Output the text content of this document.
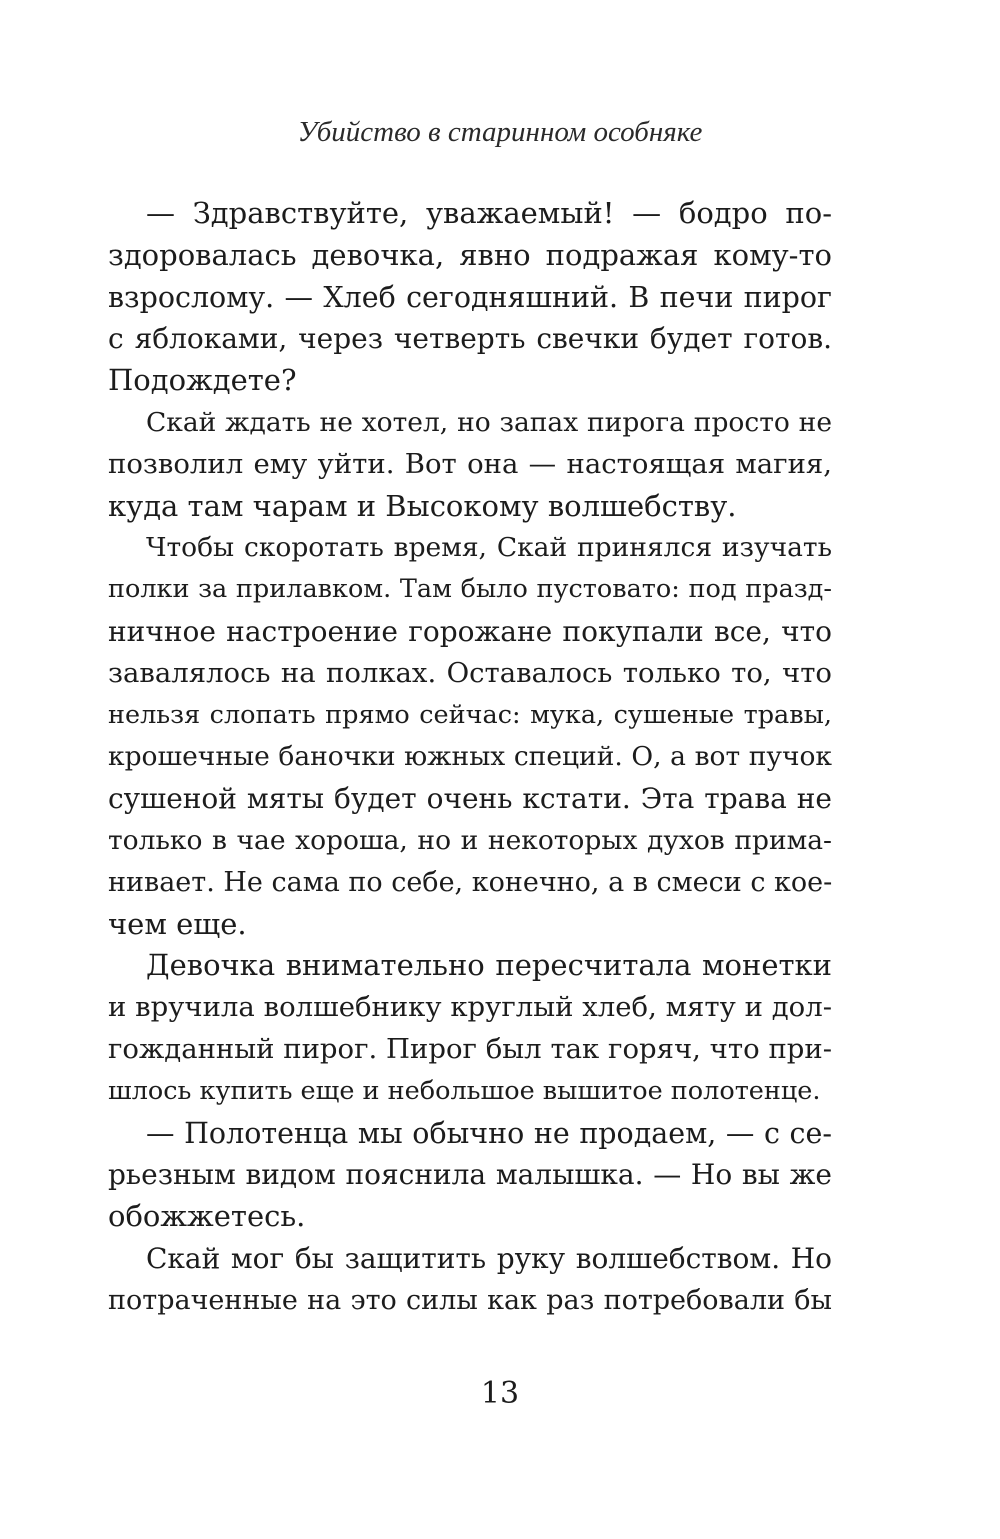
Убийство в старинном особняке
— Здравствуйте, уважаемый! — бодро по-
здоровалась девочка, явно подражая кому-то
взрослому. — Хлеб сегодняшний. В печи пирог
с яблоками, через четверть свечки будет готов.
Подождете?
Скай ждать не хотел, но запах пирога просто не
позволил ему уйти. Вот она — настоящая магия,
куда там чарам и Высокому волшебству.
Чтобы скоротать время, Скай принялся изучать
полки за прилавком. Там было пустовато: под празд-
ничное настроение горожане покупали все, что
завалялось на полках. Оставалось только то, что
нельзя слопать прямо сейчас: мука, сушеные травы,
крошечные баночки южных специй. О, а вот пучок
сушеной мяты будет очень кстати. Эта трава не
только в чае хороша, но и некоторых духов прима-
нивает. Не сама по себе, конечно, а в смеси с кое-
чем еще.
Девочка внимательно пересчитала монетки
и вручила волшебнику круглый хлеб, мяту и дол-
гожданный пирог. Пирог был так горяч, что при-
шлось купить еще и небольшое вышитое полотенце.
— Полотенца мы обычно не продаем, — с се-
рьезным видом пояснила малышка. — Но вы же
обожжетесь.
Скай мог бы защитить руку волшебством. Но
потраченные на это силы как раз потребовали бы
13
